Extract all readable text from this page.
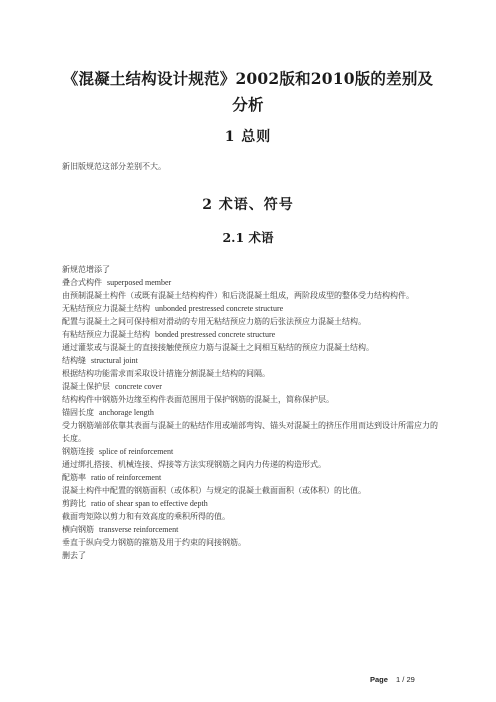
《混凝土结构设计规范》2002版和2010版的差别及
分析
1 总则
新旧版规范这部分差别不大。
2 术语、符号
2.1 术语

新规范增添了

叠合式构件 superposed member

由预制混凝土构件（或既有混凝土结构构件）和后浇混凝土组成，两阶段成型的整体受力结构构件。

无粘结预应力混凝土结构 unbonded prestressed concrete structure

配置与混凝土之间可保持相对滑动的专用无粘结预应力筋的后张法预应力混凝土结构。

有粘结预应力混凝土结构 bonded prestressed concrete structure

通过灌浆或与混凝土的直接接触使预应力筋与混凝土之间相互粘结的预应力混凝土结构。

结构缝 structural joint

根据结构功能需求而采取设计措施分割混凝土结构的间隔。

混凝土保护层 concrete cover

结构构件中钢筋外边缘至构件表面范围用于保护钢筋的混凝土，简称保护层。

锚固长度 anchorage length

受力钢筋端部依靠其表面与混凝土的粘结作用或端部弯钩、锚头对混凝土的挤压作用而达到设计所需应力的长度。

钢筋连接 splice of reinforcement

通过绑扎搭接、机械连接、焊接等方法实现钢筋之间内力传递的构造形式。

配筋率 ratio of reinforcement

混凝土构件中配置的钢筋面积（或体积）与规定的混凝土截面面积（或体积）的比值。

剪跨比 ratio of shear span to effective depth

截面弯矩除以剪力和有效高度的乘积所得的值。

横向钢筋 transverse reinforcement

垂直于纵向受力钢筋的箍筋及用于约束的间接钢筋。

删去了

Page 1 / 29
